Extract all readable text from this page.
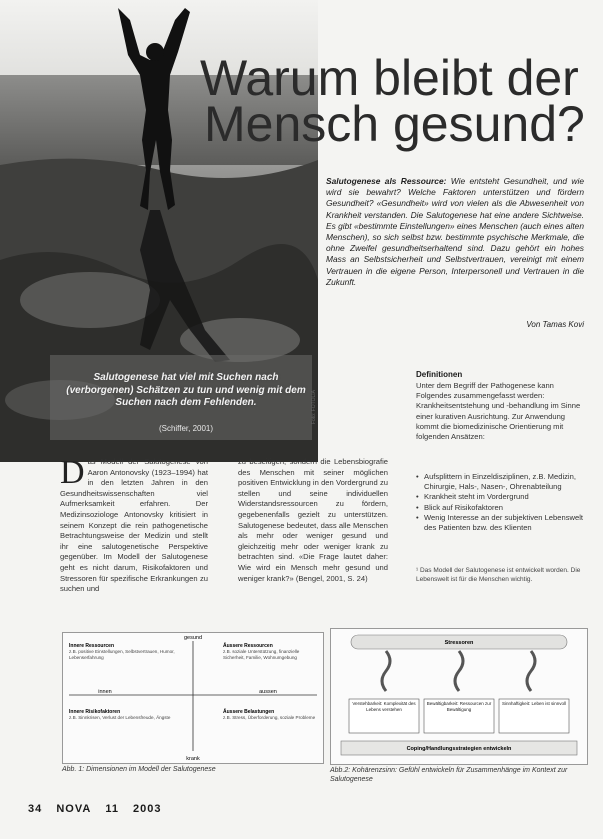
Warum bleibt der
Mensch gesund?
Salutogenese als Ressource: Wie entsteht Gesundheit, und wie wird sie bewahrt? Welche Faktoren unterstützen und fördern Gesundheit? «Gesundheit» wird von vielen als die Abwesenheit von Krankheit verstanden. Die Salutogenese hat eine andere Sichtweise. Es gibt «bestimmte Einstellungen» eines Menschen (auch eines alten Menschen), so sich selbst bzw. bestimmte psychische Merkmale, die ohne Zweifel gesundheitserhaltend sind. Dazu gehört ein hohes Mass an Selbstsicherheit und Selbstvertrauen, vereinigt mit einem Vertrauen in die eigene Person, Interpersonell und Vertrauen in die Zukunft.
Von Tamas Kovi
Salutogenese hat viel mit Suchen nach (verborgenen) Schätzen zu tun und wenig mit dem Suchen nach dem Fehlenden.
(Schiffer, 2001)
Foto: FOTOLIA
Definitionen
Unter dem Begriff der Pathogenese kann Folgendes zusammengefasst werden: Krankheitsentstehung und -behandlung im Sinne einer kurativen Ausrichtung. Zur Anwendung kommt die biomedizinische Orientierung mit folgenden Ansätzen:
• Aufsplittern in Einzeldisziplinen, z.B. Medizin, Chirurgie, Hals-, Nasen-, Ohrenabteilung
• Krankheit steht im Vordergrund
• Blick auf Risikofaktoren
• Wenig Interesse an der subjektiven Lebenswelt des Patienten bzw. des Klienten
¹ Das Modell der Salutogenese ist entwickelt worden. Die Lebenswelt ist für die Menschen wichtig.
D as Modell der Salutogenese von Aaron Antonovsky (1923–1994) hat in den letzten Jahren in den Gesundheitswissenschaften viel Aufmerksamkeit erfahren. Der Medizinsoziologe Antonovsky kritisiert in seinem Konzept die rein pathogenetische Betrachtungsweise der Medizin und stellt ihr eine salutogenetische Perspektive gegenüber. Im Modell der Salutogenese geht es nicht darum, Risikofaktoren und Stressoren für spezifische Erkrankungen zu suchen und
zu beseitigen, sondern die Lebensbiografie des Menschen mit seiner möglichen positiven Entwicklung in den Vordergrund zu stellen und seine individuellen Widerstandsressourcen zu fördern, gegebenenfalls gezielt zu unterstützen. Salutogenese bedeutet, dass alle Menschen als mehr oder weniger gesund und gleichzeitig mehr oder weniger krank zu betrachten sind. «Die Frage lautet daher: Wie wird ein Mensch mehr gesund und weniger krank?» (Bengel, 2001, S. 24)
gesund
krank
innen	aussen
Innere Ressourcen
z.B. positive Einstellungen, Selbstvertrauen, Humor, Lebenserfahrung
Äussere Ressourcen
z.B. soziale Unterstützung, finanzielle Sicherheit, Familie, Wohnumgebung
Innere Risikofaktoren
z.B. Sinnkrisen, Verlust der Lebensfreude, Ängste
Äussere Belastungen
z.B. Stress, Überforderung, soziale Probleme
Abb. 1: Dimensionen im Modell der Salutogenese
Stressoren
Verstehbarkeit: Komplexität des Lebens verstehen
Bewältigbarkeit: Ressourcen zur Bewältigung
Sinnhaftigkeit: Leben ist sinnvoll
Coping/Handlungsstrategien entwickeln
Abb.2: Kohärenzsinn: Gefühl entwickeln für Zusammenhänge im Kontext zur Salutogenese
34 NOVA 11 2003
